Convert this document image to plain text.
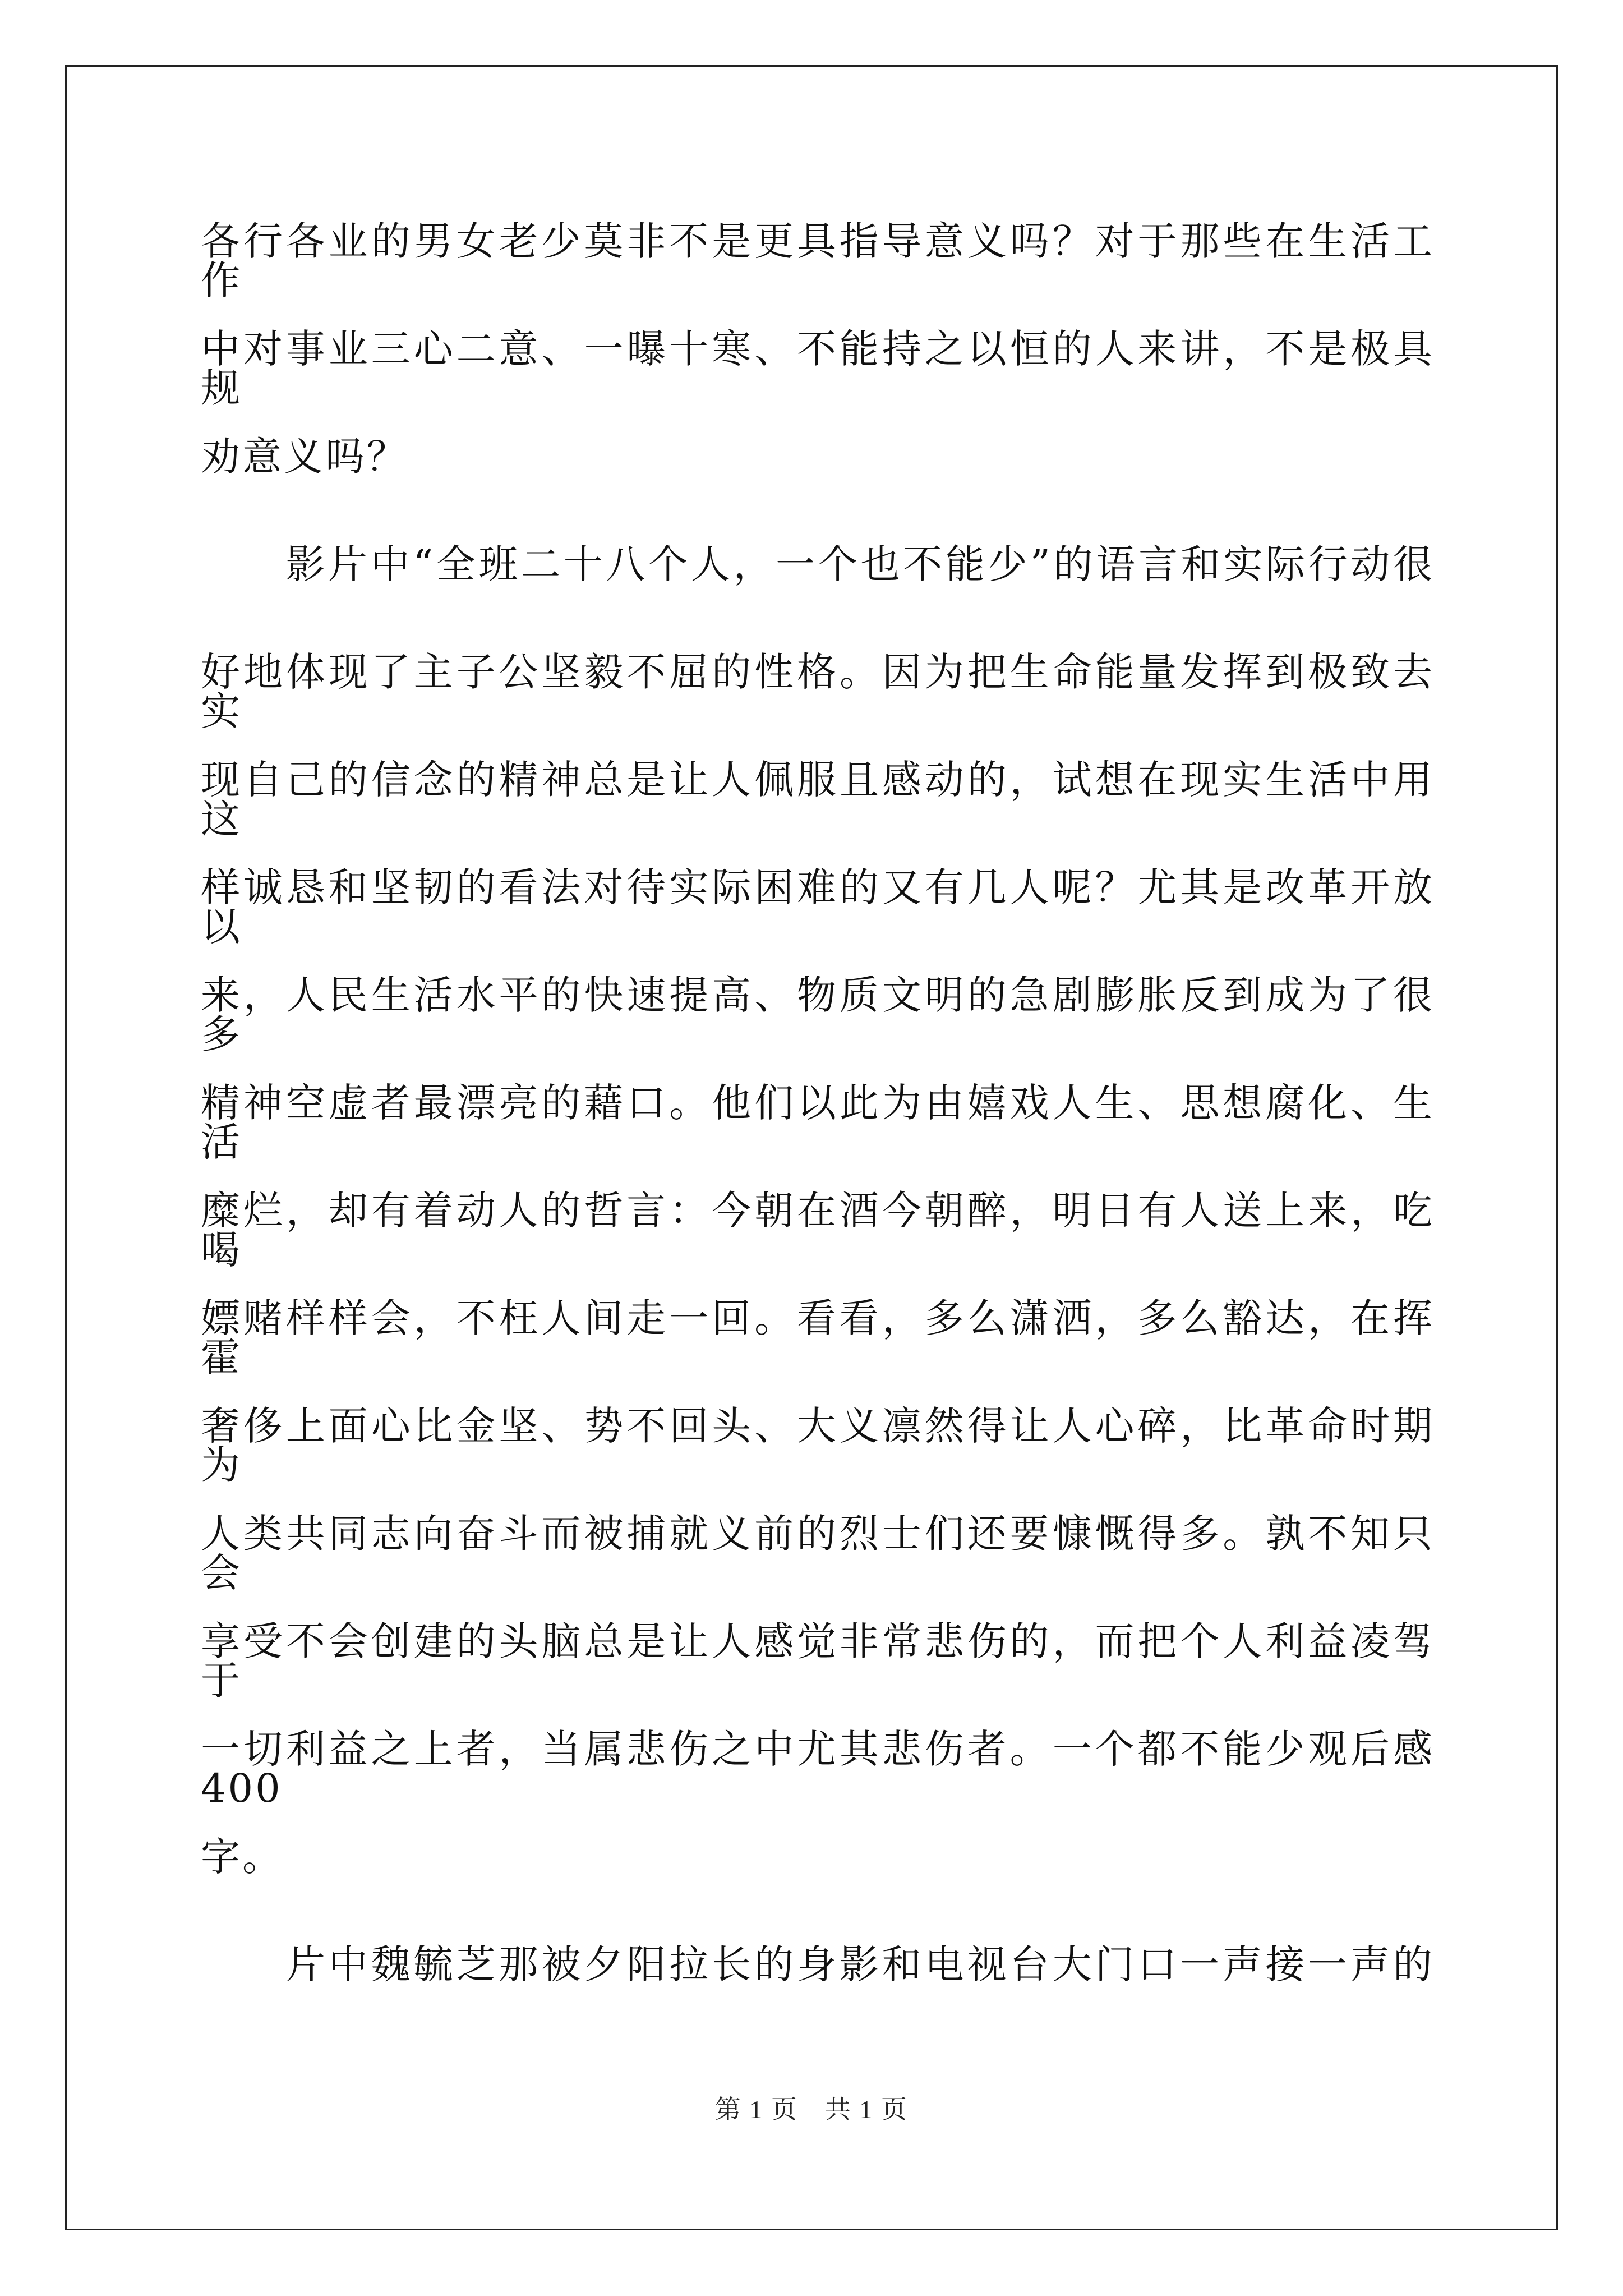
各行各业的男女老少莫非不是更具指导意义吗？对于那些在生活工作
中对事业三心二意、一曝十寒、不能持之以恒的人来讲，不是极具规
劝意义吗？
　　影片中“全班二十八个人，一个也不能少”的语言和实际行动很
好地体现了主子公坚毅不屈的性格。因为把生命能量发挥到极致去实
现自己的信念的精神总是让人佩服且感动的，试想在现实生活中用这
样诚恳和坚韧的看法对待实际困难的又有几人呢？尤其是改革开放以
来，人民生活水平的快速提高、物质文明的急剧膨胀反到成为了很多
精神空虚者最漂亮的藉口。他们以此为由嬉戏人生、思想腐化、生活
糜烂，却有着动人的哲言：今朝在酒今朝醉，明日有人送上来，吃喝
嫖赌样样会，不枉人间走一回。看看，多么潇洒，多么豁达，在挥霍
奢侈上面心比金坚、势不回头、大义凛然得让人心碎，比革命时期为
人类共同志向奋斗而被捕就义前的烈士们还要慷慨得多。孰不知只会
享受不会创建的头脑总是让人感觉非常悲伤的，而把个人利益凌驾于
一切利益之上者，当属悲伤之中尤其悲伤者。一个都不能少观后感 400
字。
　　片中魏毓芝那被夕阳拉长的身影和电视台大门口一声接一声的
第 1 页　共 1 页
